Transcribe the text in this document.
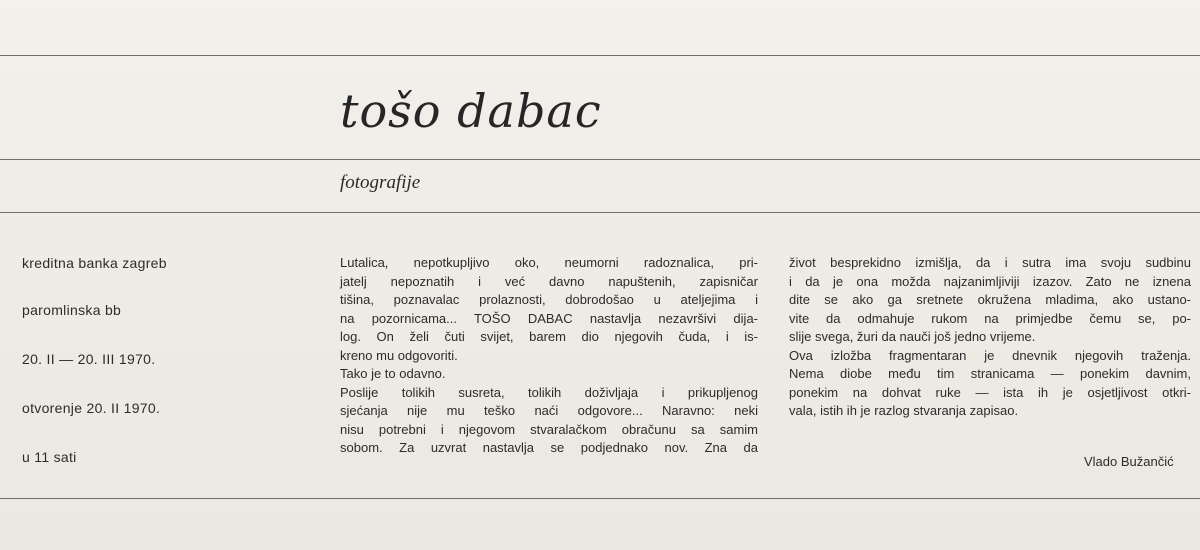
tošo dabac
fotografije
kreditna banka zagreb
paromlinska bb
20. II — 20. III 1970.
otvorenje 20. II 1970.
u 11 sati
Lutalica, nepotkupljivo oko, neumorni radoznalica, pri-
jatelj nepoznatih i već davno napuštenih, zapisničar
tišina, poznavalac prolaznosti, dobrodošao u ateljejima i
na pozornicama... TOŠO DABAC nastavlja nezavršivi dija-
log. On želi čuti svijet, barem dio njegovih čuda, i is-
kreno mu odgovoriti.
Tako je to odavno.
Poslije tolikih susreta, tolikih doživljaja i prikupljenog
sjećanja nije mu teško naći odgovore... Naravno: neki
nisu potrebni i njegovom stvaralačkom obračunu sa samim
sobom. Za uzvrat nastavlja se podjednako nov. Zna da
život besprekidno izmišlja, da i sutra ima svoju sudbinu
i da je ona možda najzanimljiviji izazov. Zato ne iznena
dite se ako ga sretnete okružena mladima, ako ustano-
vite da odmahuje rukom na primjedbe čemu se, po-
slije svega, žuri da nauči još jedno vrijeme.
Ova izložba fragmentaran je dnevnik njegovih traženja.
Nema diobe među tim stranicama — ponekim davnim,
ponekim na dohvat ruke — ista ih je osjetljivost otkri-
vala, istih ih je razlog stvaranja zapisao.
Vlado Bužančić
